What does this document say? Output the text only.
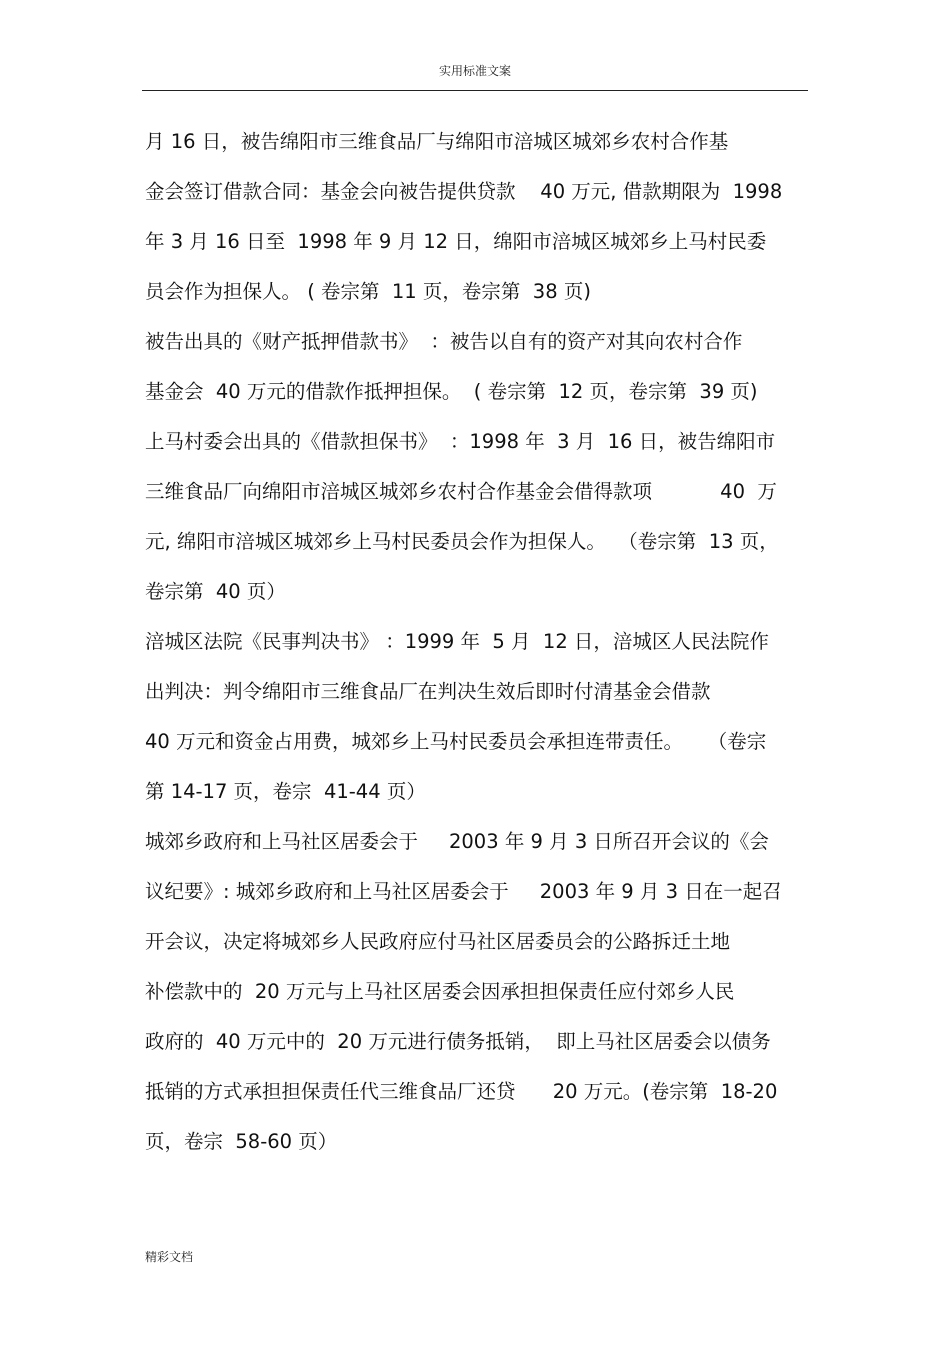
实用标准文案
月 16 日，被告绵阳市三维食品厂与绵阳市涪城区城郊乡农村合作基
金会签订借款合同：基金会向被告提供贷款    40 万元, 借款期限为  1998
年 3 月 16 日至  1998 年 9 月 12 日，绵阳市涪城区城郊乡上马村民委
员会作为担保人。 ( 卷宗第  11 页，卷宗第  38 页)
被告出具的《财产抵押借款书》  ：被告以自有的资产对其向农村合作
基金会  40 万元的借款作抵押担保。  ( 卷宗第  12 页，卷宗第  39 页)
上马村委会出具的《借款担保书》  ：1998 年  3 月  16 日，被告绵阳市
三维食品厂向绵阳市涪城区城郊乡农村合作基金会借得款项           40  万
元, 绵阳市涪城区城郊乡上马村民委员会作为担保人。  （卷宗第  13 页，
卷宗第  40 页）
涪城区法院《民事判决书》 ：1999 年  5 月  12 日，涪城区人民法院作
出判决：判令绵阳市三维食品厂在判决生效后即时付清基金会借款
40 万元和资金占用费，城郊乡上马村民委员会承担连带责任。    （卷宗
第 14-17 页，卷宗  41-44 页）
城郊乡政府和上马社区居委会于     2003 年 9 月 3 日所召开会议的《会
议纪要》: 城郊乡政府和上马社区居委会于     2003 年 9 月 3 日在一起召
开会议，决定将城郊乡人民政府应付马社区居委员会的公路拆迁土地
补偿款中的  20 万元与上马社区居委会因承担担保责任应付郊乡人民
政府的  40 万元中的  20 万元进行债务抵销，  即上马社区居委会以债务
抵销的方式承担担保责任代三维食品厂还贷      20 万元。(卷宗第  18-20
页，卷宗  58-60 页）
精彩文档
